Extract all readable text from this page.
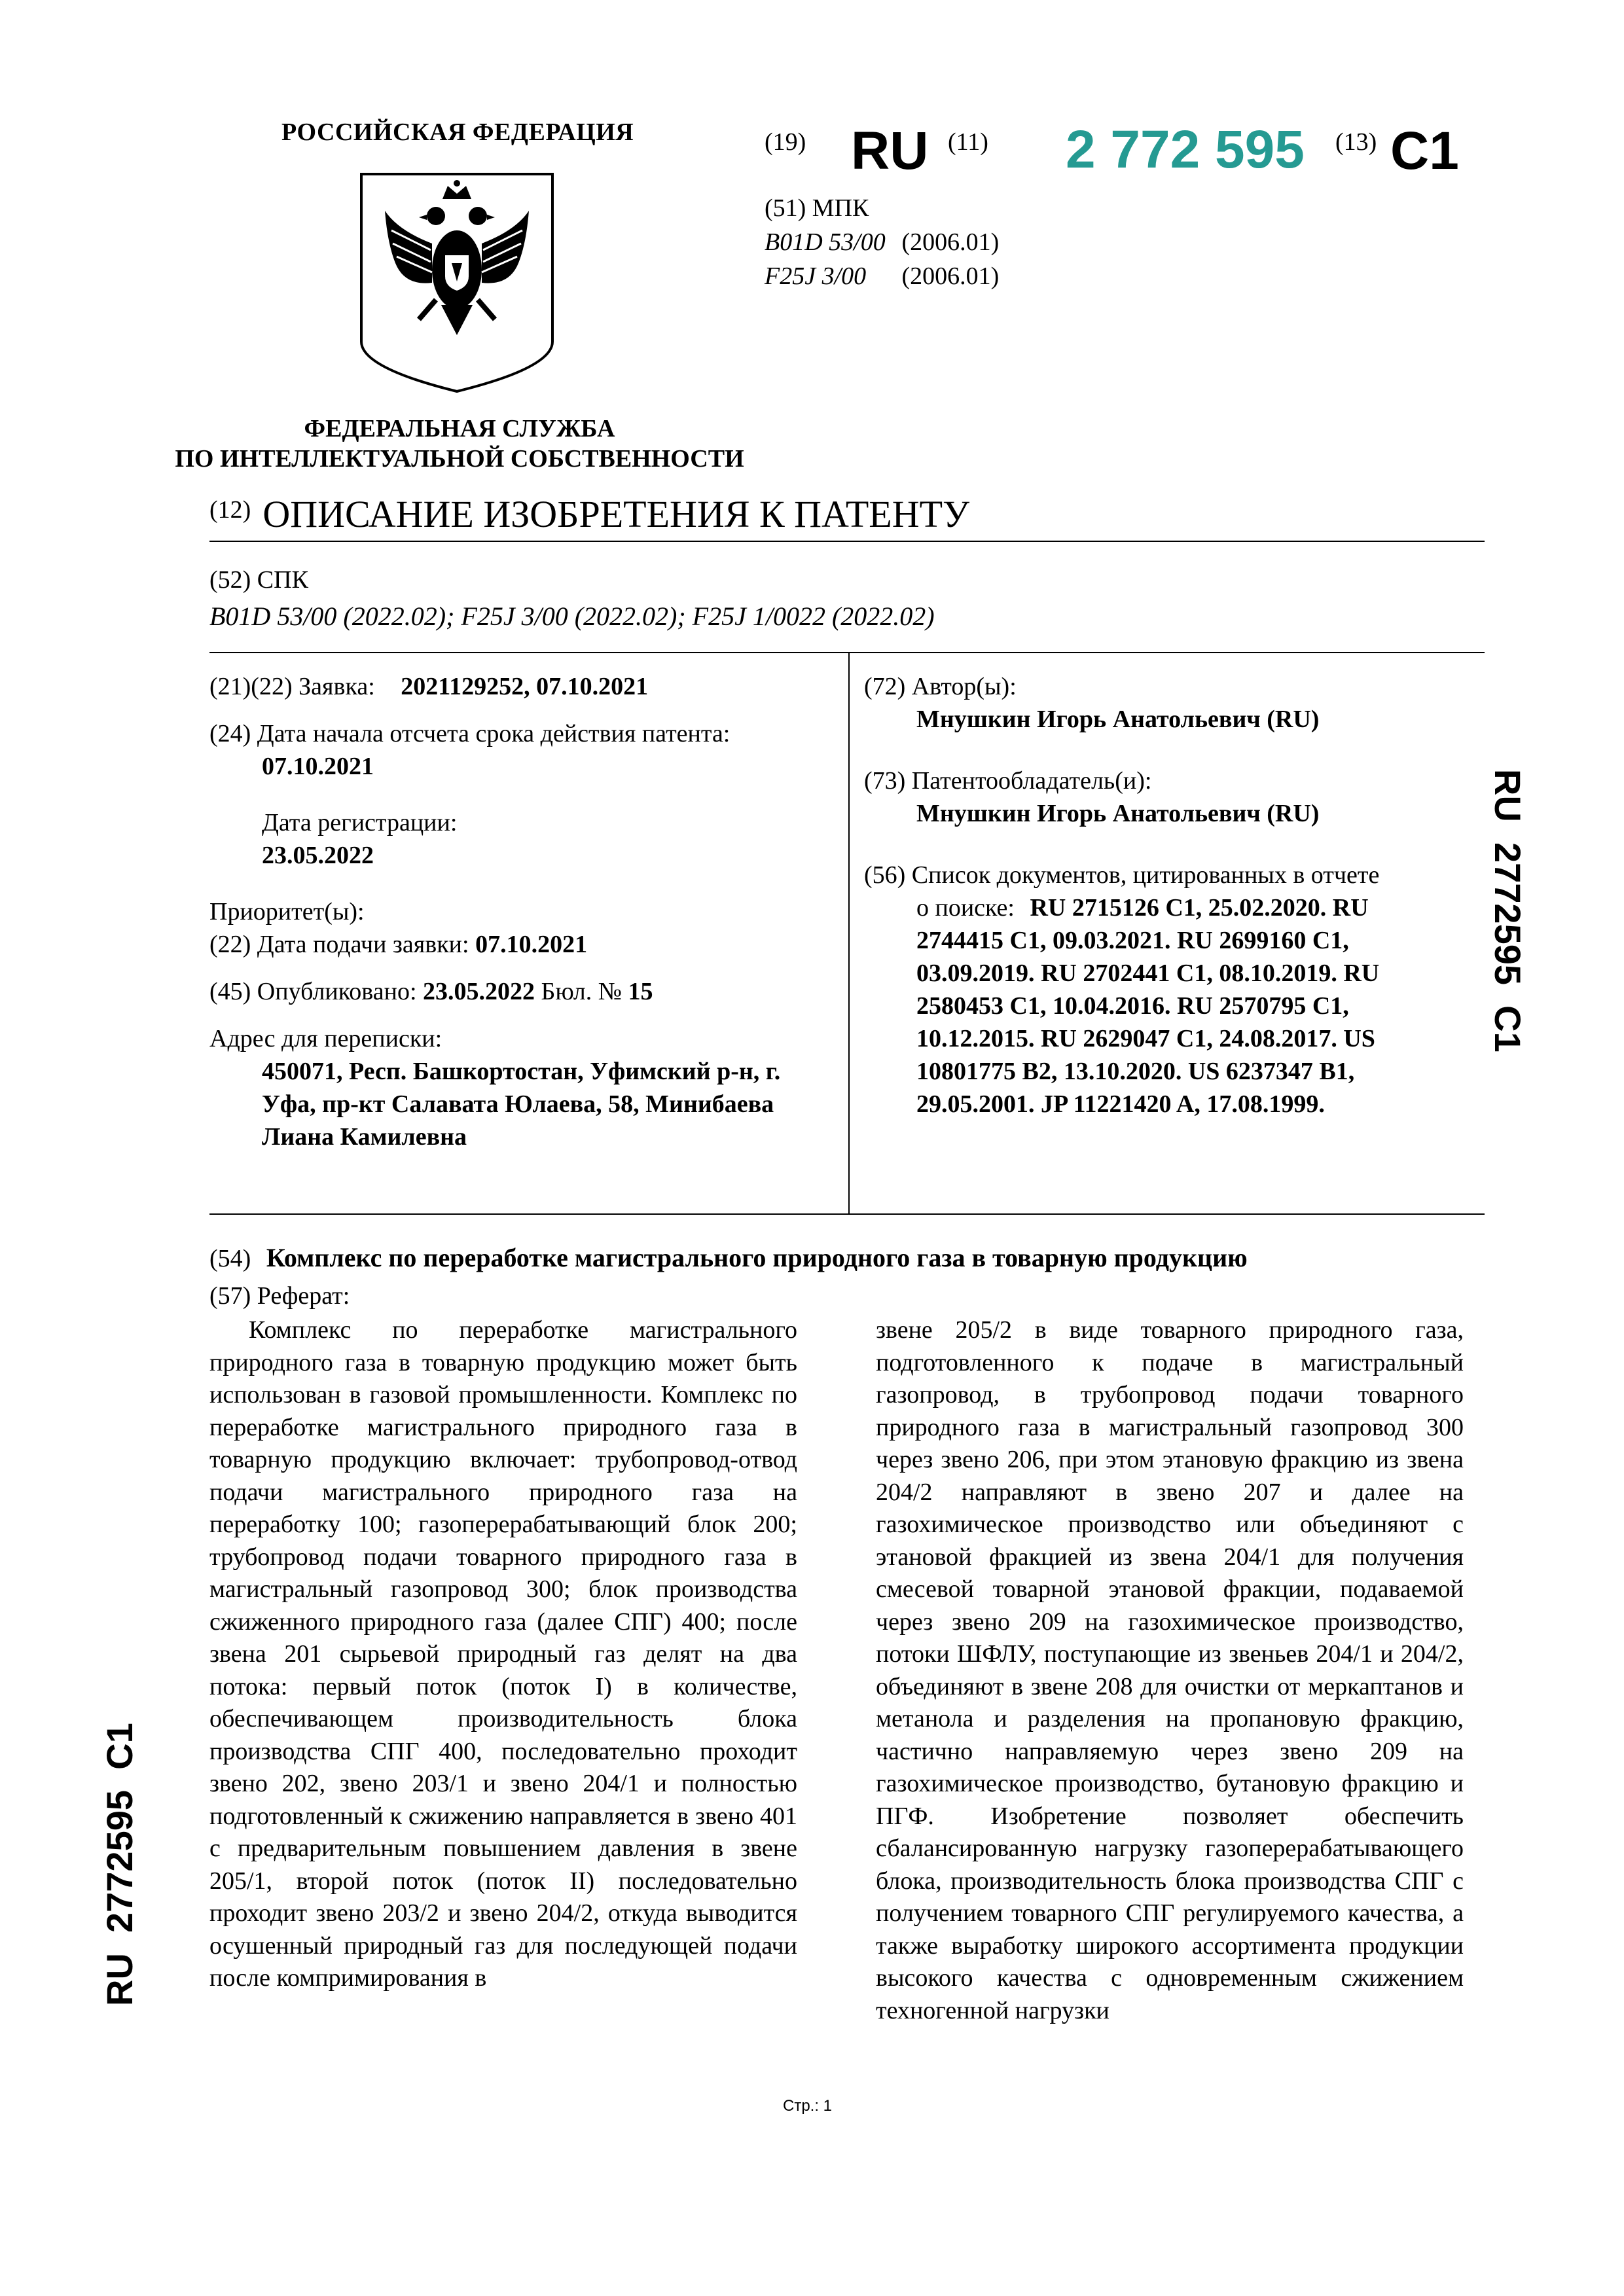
РОССИЙСКАЯ ФЕДЕРАЦИЯ
ФЕДЕРАЛЬНАЯ СЛУЖБА
ПО ИНТЕЛЛЕКТУАЛЬНОЙ СОБСТВЕННОСТИ
(19) RU (11) 2 772 595 (13) C1
(51) МПК
B01D 53/00 (2006.01)
F25J 3/00 (2006.01)
$^{(12)}$ ОПИСАНИЕ ИЗОБРЕТЕНИЯ К ПАТЕНТУ
(52) СПК
B01D 53/00 (2022.02); F25J 3/00 (2022.02); F25J 1/0022 (2022.02)
(21)(22) Заявка: 2021129252, 07.10.2021
(24) Дата начала отсчета срока действия патента:
07.10.2021
Дата регистрации:
23.05.2022
Приоритет(ы):
(22) Дата подачи заявки: 07.10.2021
(45) Опубликовано: 23.05.2022 Бюл. № 15
Адрес для переписки:
450071, Респ. Башкортостан, Уфимский р-н, г.
Уфа, пр-кт Салавата Юлаева, 58, Минибаева
Лиана Камилевна
(72) Автор(ы):
Мнушкин Игорь Анатольевич (RU)
(73) Патентообладатель(и):
Мнушкин Игорь Анатольевич (RU)
(56) Список документов, цитированных в отчете
о поиске: RU 2715126 C1, 25.02.2020. RU
2744415 C1, 09.03.2021. RU 2699160 C1,
03.09.2019. RU 2702441 C1, 08.10.2019. RU
2580453 C1, 10.04.2016. RU 2570795 C1,
10.12.2015. RU 2629047 C1, 24.08.2017. US
10801775 B2, 13.10.2020. US 6237347 B1,
29.05.2001. JP 11221420 A, 17.08.1999.
RU  2772595  C1
RU  2772595  C1
(54) Комплекс по переработке магистрального природного газа в товарную продукцию
(57) Реферат:

Комплекс по переработке магистрального природного газа в товарную продукцию может быть использован в газовой промышленности. Комплекс по переработке магистрального природного газа в товарную продукцию включает: трубопровод-отвод подачи магистрального природного газа на переработку 100; газоперерабатывающий блок 200; трубопровод подачи товарного природного газа в магистральный газопровод 300; блок производства сжиженного природного газа (далее СПГ) 400; после звена 201 сырьевой природный газ делят на два потока: первый поток (поток I) в количестве, обеспечивающем производительность блока производства СПГ 400, последовательно проходит звено 202, звено 203/1 и звено 204/1 и полностью подготовленный к сжижению направляется в звено 401 с предварительным повышением давления в звене 205/1, второй поток (поток II) последовательно проходит звено 203/2 и звено 204/2, откуда выводится осушенный природный газ для последующей подачи после компримирования в

звене 205/2 в виде товарного природного газа, подготовленного к подаче в магистральный газопровод, в трубопровод подачи товарного природного газа в магистральный газопровод 300 через звено 206, при этом этановую фракцию из звена 204/2 направляют в звено 207 и далее на газохимическое производство или объединяют с этановой фракцией из звена 204/1 для получения смесевой товарной этановой фракции, подаваемой через звено 209 на газохимическое производство, потоки ШФЛУ, поступающие из звеньев 204/1 и 204/2, объединяют в звене 208 для очистки от меркаптанов и метанола и разделения на пропановую фракцию, частично направляемую через звено 209 на газохимическое производство, бутановую фракцию и ПГФ. Изобретение позволяет обеспечить сбалансированную нагрузку газоперерабатывающего блока, производительность блока производства СПГ с получением товарного СПГ регулируемого качества, а также выработку широкого ассортимента продукции высокого качества с одновременным сжижением техногенной нагрузки

Стр.: 1
